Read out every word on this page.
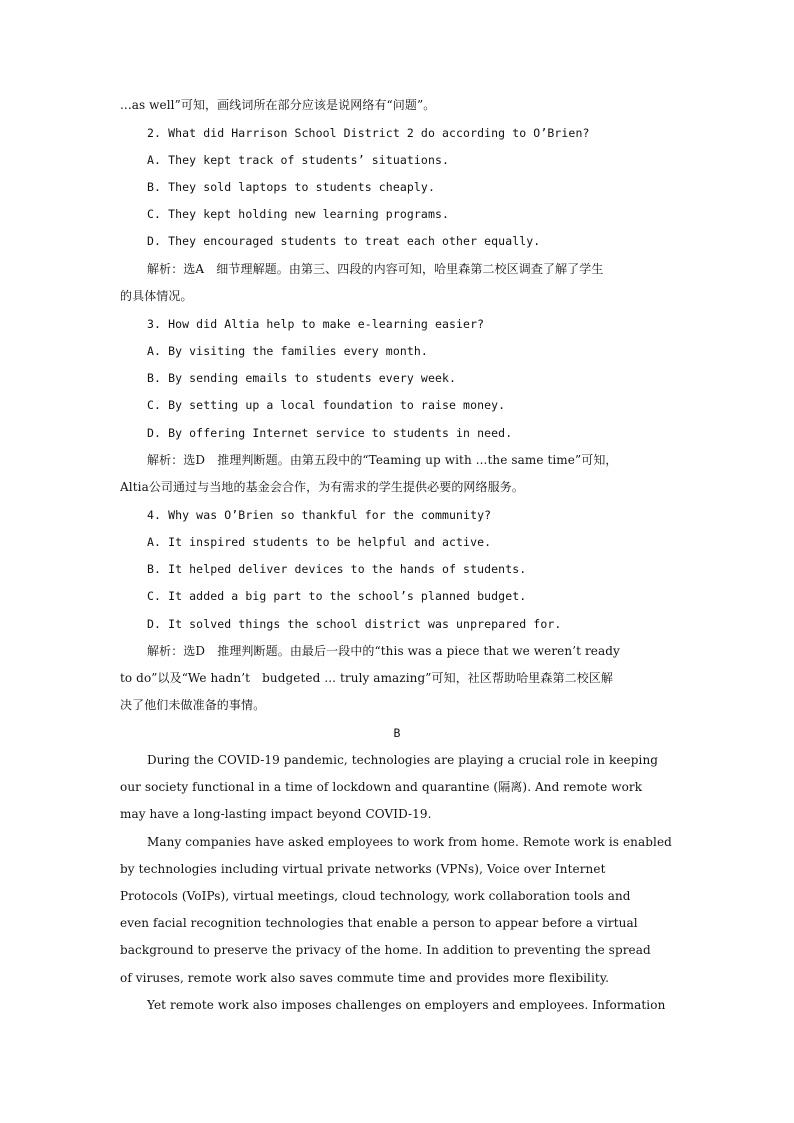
...as well”可知，画线词所在部分应该是说网络有“问题”。
2. What did Harrison School District 2 do according to O’Brien?
A. They kept track of students’ situations.
B. They sold laptops to students cheaply.
C. They kept holding new learning programs.
D. They encouraged students to treat each other equally.
解析：选A　细节理解题。由第三、四段的内容可知，哈里森第二校区调查了解了学生
的具体情况。
3. How did Altia help to make e-learning easier?
A. By visiting the families every month.
B. By sending emails to students every week.
C. By setting up a local foundation to raise money.
D. By offering Internet service to students in need.
解析：选D　推理判断题。由第五段中的“Teaming up with ...the same time”可知，
Altia公司通过与当地的基金会合作，为有需求的学生提供必要的网络服务。
4. Why was O’Brien so thankful for the community?
A. It inspired students to be helpful and active.
B. It helped deliver devices to the hands of students.
C. It added a big part to the school’s planned budget.
D. It solved things the school district was unprepared for.
解析：选D　推理判断题。由最后一段中的“this was a piece that we weren’t ready
to do”以及“We hadn’t　budgeted ... truly amazing”可知，社区帮助哈里森第二校区解
决了他们未做准备的事情。
B
During the COVID-19 pandemic, technologies are playing a crucial role in keeping
our society functional in a time of lockdown and quarantine (隔离). And remote work
may have a long-lasting impact beyond COVID-19.
Many companies have asked employees to work from home. Remote work is enabled
by technologies including virtual private networks (VPNs), Voice over Internet
Protocols (VoIPs), virtual meetings, cloud technology, work collaboration tools and
even facial recognition technologies that enable a person to appear before a virtual
background to preserve the privacy of the home. In addition to preventing the spread
of viruses, remote work also saves commute time and provides more flexibility.
Yet remote work also imposes challenges on employers and employees. Information
